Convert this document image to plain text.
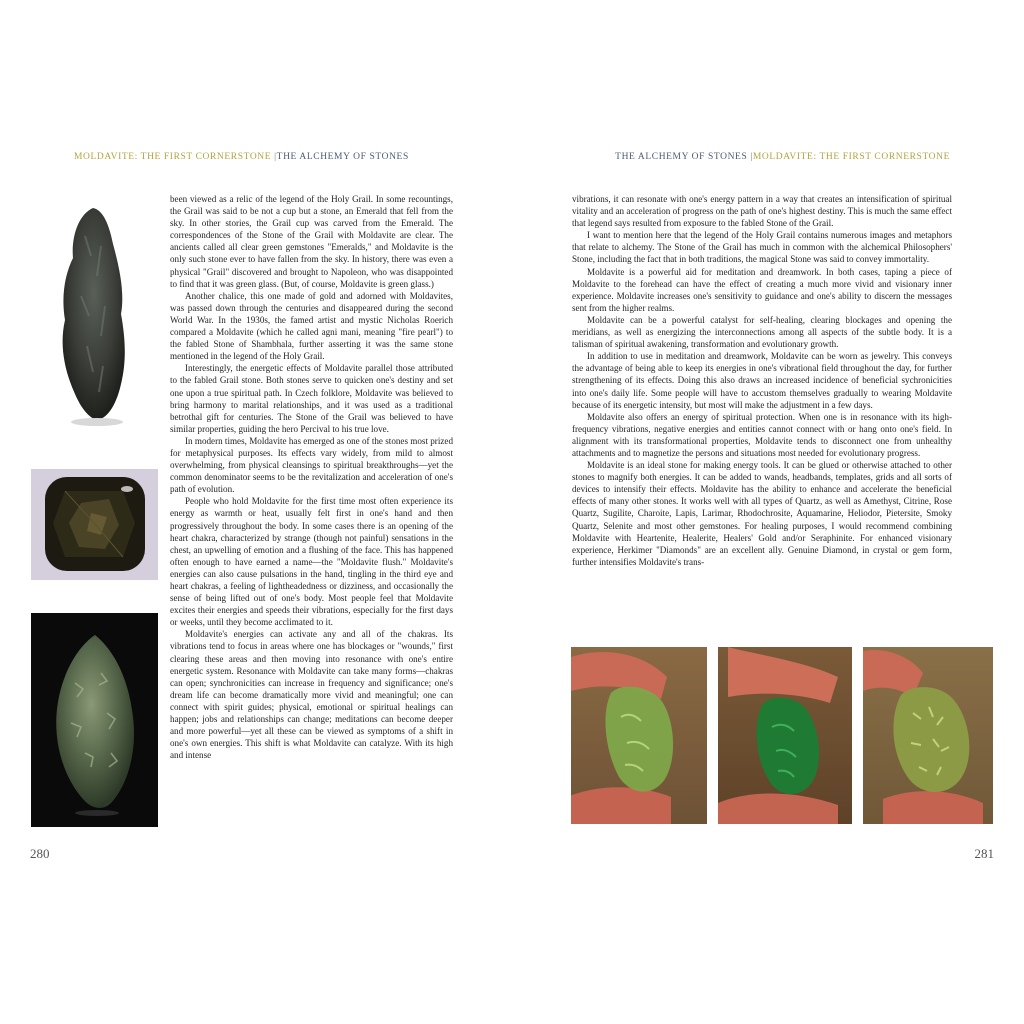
MOLDAVITE: THE FIRST CORNERSTONE |THE ALCHEMY OF STONES

been viewed as a relic of the legend of the Holy Grail. In some recountings, the Grail was said to be not a cup but a stone, an Emerald that fell from the sky. In other stories, the Grail cup was carved from the Emerald. The correspondences of the Stone of the Grail with Moldavite are clear. The ancients called all clear green gemstones "Emeralds," and Moldavite is the only such stone ever to have fallen from the sky. In history, there was even a physical "Grail" discovered and brought to Napoleon, who was disappointed to find that it was green glass. (But, of course, Moldavite is green glass.)

Another chalice, this one made of gold and adorned with Moldavites, was passed down through the centuries and disappeared during the second World War. In the 1930s, the famed artist and mystic Nicholas Roerich compared a Moldavite (which he called agni mani, meaning "fire pearl") to the fabled Stone of Shambhala, further asserting it was the same stone mentioned in the legend of the Holy Grail.

Interestingly, the energetic effects of Moldavite parallel those attributed to the fabled Grail stone. Both stones serve to quicken one's destiny and set one upon a true spiritual path. In Czech folklore, Moldavite was believed to bring harmony to marital relationships, and it was used as a traditional betrothal gift for centuries. The Stone of the Grail was believed to have similar properties, guiding the hero Percival to his true love.

In modern times, Moldavite has emerged as one of the stones most prized for metaphysical purposes. Its effects vary widely, from mild to almost overwhelming, from physical cleansings to spiritual breakthroughs—yet the common denominator seems to be the revitalization and acceleration of one's path of evolution.

People who hold Moldavite for the first time most often experience its energy as warmth or heat, usually felt first in one's hand and then progressively throughout the body. In some cases there is an opening of the heart chakra, characterized by strange (though not painful) sensations in the chest, an upwelling of emotion and a flushing of the face. This has happened often enough to have earned a name—the "Moldavite flush." Moldavite's energies can also cause pulsations in the hand, tingling in the third eye and heart chakras, a feeling of lightheadedness or dizziness, and occasionally the sense of being lifted out of one's body. Most people feel that Moldavite excites their energies and speeds their vibrations, especially for the first days or weeks, until they become acclimated to it.

Moldavite's energies can activate any and all of the chakras. Its vibrations tend to focus in areas where one has blockages or "wounds," first clearing these areas and then moving into resonance with one's entire energetic system. Resonance with Moldavite can take many forms—chakras can open; synchronicities can increase in frequency and significance; one's dream life can become dramatically more vivid and meaningful; one can connect with spirit guides; physical, emotional or spiritual healings can happen; jobs and relationships can change; meditations can become deeper and more powerful—yet all these can be viewed as symptoms of a shift in one's own energies. This shift is what Moldavite can catalyze. With its high and intense

280
THE ALCHEMY OF STONES |MOLDAVITE: THE FIRST CORNERSTONE

vibrations, it can resonate with one's energy pattern in a way that creates an intensification of spiritual vitality and an acceleration of progress on the path of one's highest destiny. This is much the same effect that legend says resulted from exposure to the fabled Stone of the Grail.

I want to mention here that the legend of the Holy Grail contains numerous images and metaphors that relate to alchemy. The Stone of the Grail has much in common with the alchemical Philosophers' Stone, including the fact that in both traditions, the magical Stone was said to convey immortality.

Moldavite is a powerful aid for meditation and dreamwork. In both cases, taping a piece of Moldavite to the forehead can have the effect of creating a much more vivid and visionary inner experience. Moldavite increases one's sensitivity to guidance and one's ability to discern the messages sent from the higher realms.

Moldavite can be a powerful catalyst for self-healing, clearing blockages and opening the meridians, as well as energizing the interconnections among all aspects of the subtle body. It is a talisman of spiritual awakening, transformation and evolutionary growth.

In addition to use in meditation and dreamwork, Moldavite can be worn as jewelry. This conveys the advantage of being able to keep its energies in one's vibrational field throughout the day, for further strengthening of its effects. Doing this also draws an increased incidence of beneficial sychronicities into one's daily life. Some people will have to accustom themselves gradually to wearing Moldavite because of its energetic intensity, but most will make the adjustment in a few days.

Moldavite also offers an energy of spiritual protection. When one is in resonance with its high-frequency vibrations, negative energies and entities cannot connect with or hang onto one's field. In alignment with its transformational properties, Moldavite tends to disconnect one from unhealthy attachments and to magnetize the persons and situations most needed for evolutionary progress.

Moldavite is an ideal stone for making energy tools. It can be glued or otherwise attached to other stones to magnify both energies. It can be added to wands, headbands, templates, grids and all sorts of devices to intensify their effects. Moldavite has the ability to enhance and accelerate the beneficial effects of many other stones. It works well with all types of Quartz, as well as Amethyst, Citrine, Rose Quartz, Sugilite, Charoite, Lapis, Larimar, Rhodochrosite, Aquamarine, Heliodor, Pietersite, Smoky Quartz, Selenite and most other gemstones. For healing purposes, I would recommend combining Moldavite with Heartenite, Healerite, Healers' Gold and/or Seraphinite. For enhanced visionary experience, Herkimer "Diamonds" are an excellent ally. Genuine Diamond, in crystal or gem form, further intensifies Moldavite's trans-

281
